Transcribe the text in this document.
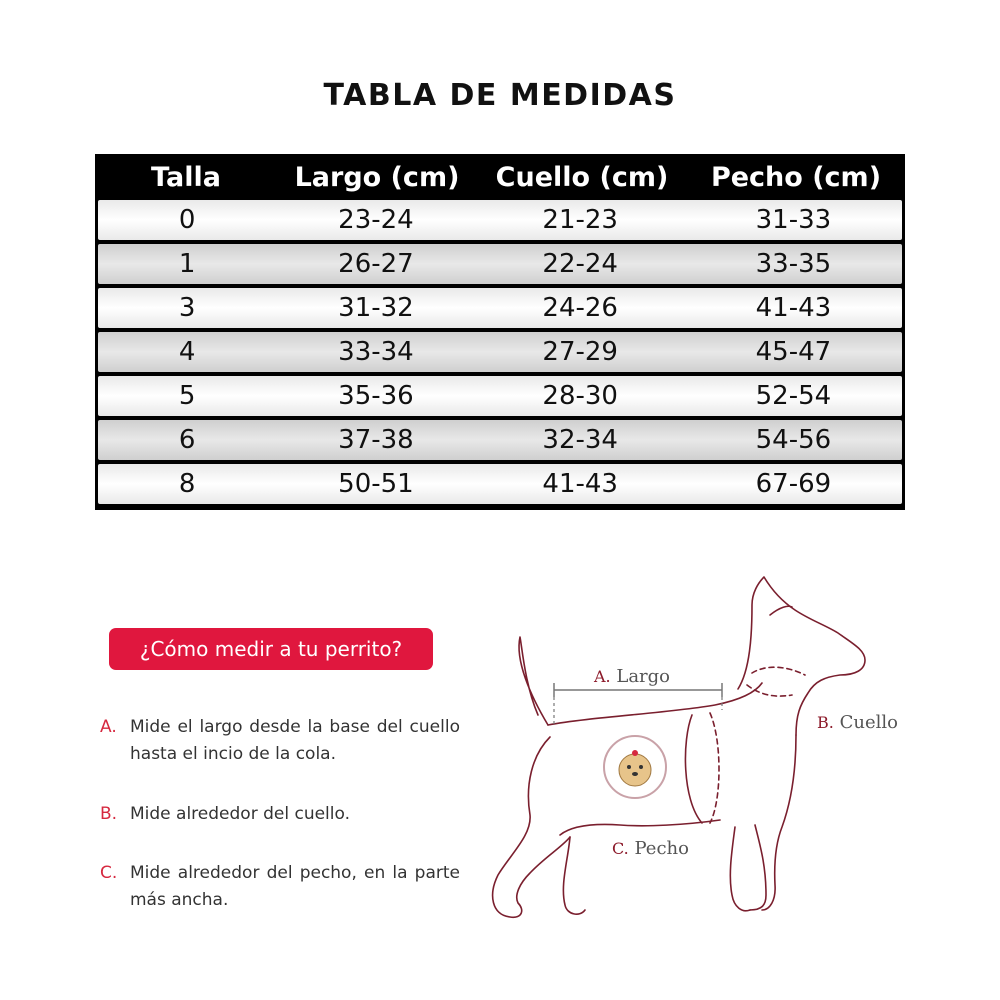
TABLA DE MEDIDAS
Talla	Largo (cm)	Cuello (cm)	Pecho (cm)
0	23-24	21-23	31-33
1	26-27	22-24	33-35
3	31-32	24-26	41-43
4	33-34	27-29	45-47
5	35-36	28-30	52-54
6	37-38	32-34	54-56
8	50-51	41-43	67-69
¿Cómo medir a tu perrito?
A. Mide el largo desde la base del cuello hasta el incio de la cola.
B. Mide alrededor del cuello.
C. Mide alrededor del pecho, en la parte más ancha.
A. Largo
B. Cuello
C. Pecho
